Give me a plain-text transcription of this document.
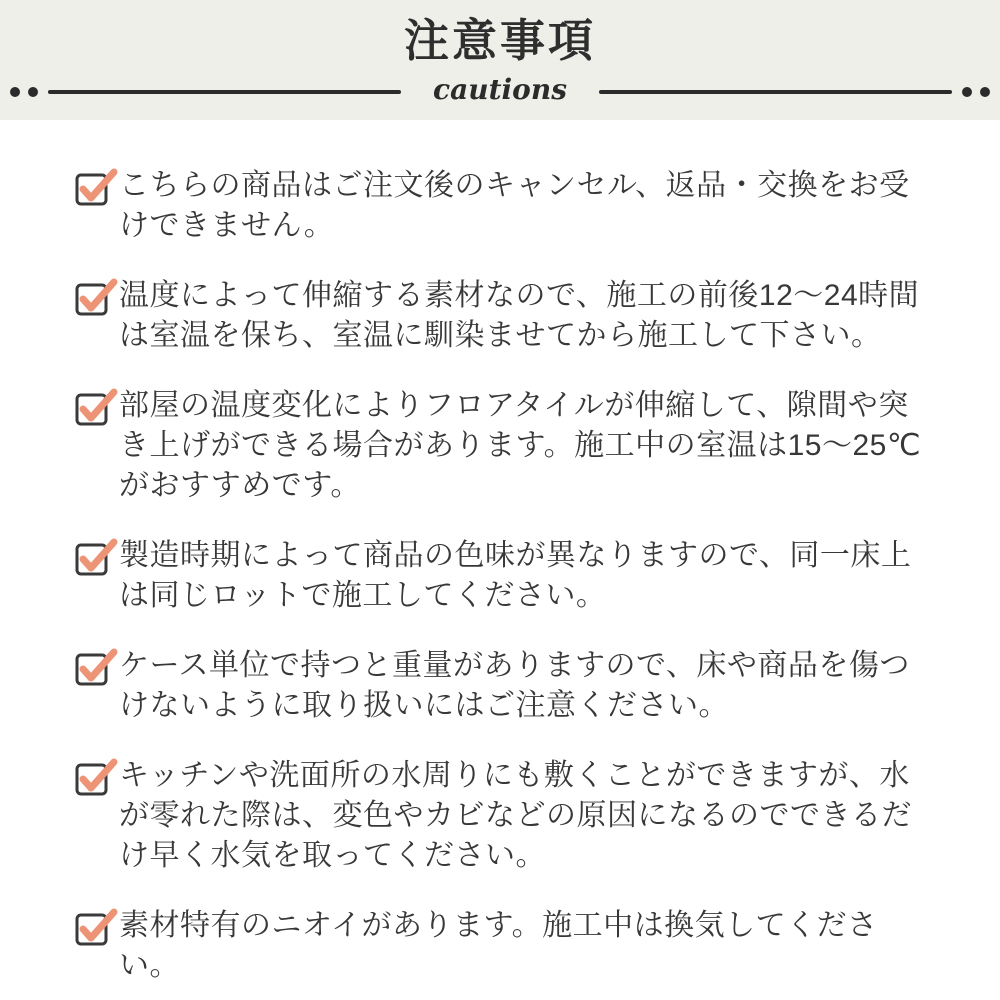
注意事項
cautions
こちらの商品はご注文後のキャンセル、返品・交換をお受けできません。
温度によって伸縮する素材なので、施工の前後12〜24時間は室温を保ち、室温に馴染ませてから施工して下さい。
部屋の温度変化によりフロアタイルが伸縮して、隙間や突き上げができる場合があります。施工中の室温は15〜25℃がおすすめです。
製造時期によって商品の色味が異なりますので、同一床上は同じロットで施工してください。
ケース単位で持つと重量がありますので、床や商品を傷つけないように取り扱いにはご注意ください。
キッチンや洗面所の水周りにも敷くことができますが、水が零れた際は、変色やカビなどの原因になるのでできるだけ早く水気を取ってください。
素材特有のニオイがあります。施工中は換気してください。
